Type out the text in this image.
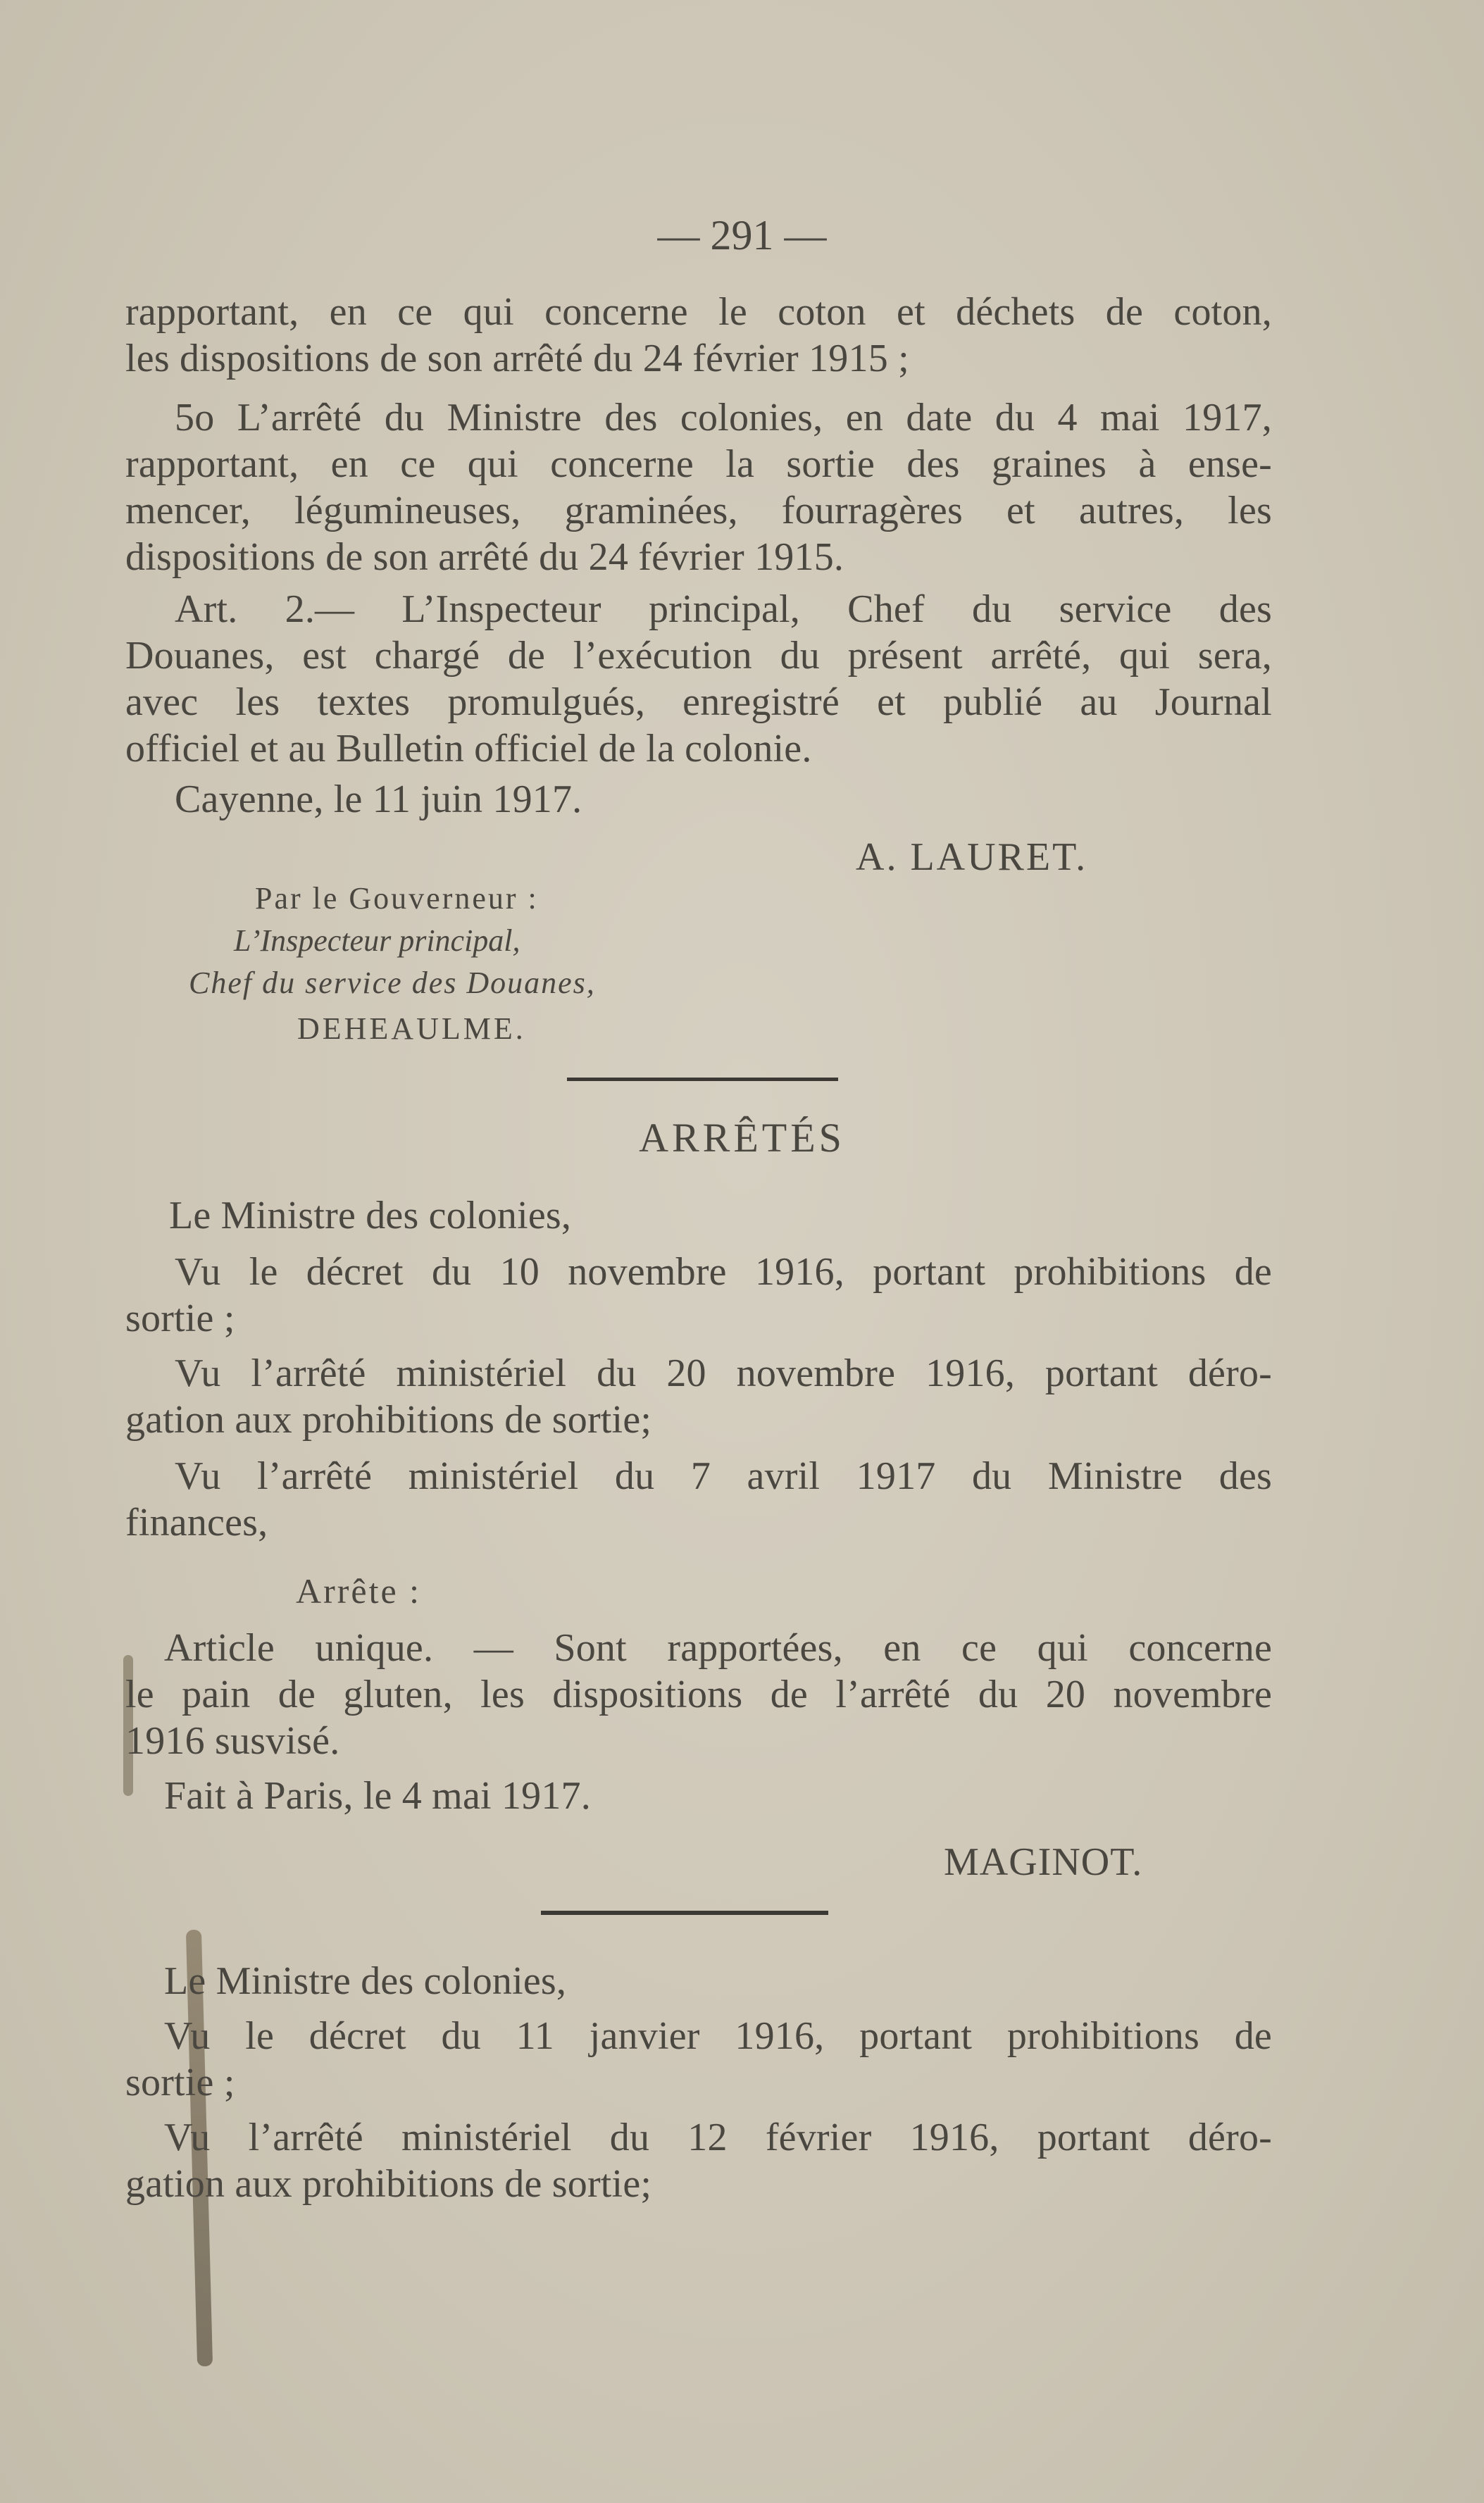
— 291 —
rapportant, en ce qui concerne le coton et déchets de coton,
les dispositions de son arrêté du 24 février 1915 ;
5o L’arrêté du Ministre des colonies, en date du 4 mai 1917,
rapportant, en ce qui concerne la sortie des graines à ense-
mencer, légumineuses, graminées, fourragères et autres, les
dispositions de son arrêté du 24 février 1915.
Art. 2.— L’Inspecteur principal, Chef du service des
Douanes, est chargé de l’exécution du présent arrêté, qui sera,
avec les textes promulgués, enregistré et publié au Journal
officiel et au Bulletin officiel de la colonie.
Cayenne, le 11 juin 1917.
A. LAURET.
Par le Gouverneur :
L’Inspecteur principal,
Chef du service des Douanes,
DEHEAULME.
ARRÊTÉS
Le Ministre des colonies,
Vu le décret du 10 novembre 1916, portant prohibitions de
sortie ;
Vu l’arrêté ministériel du 20 novembre 1916, portant déro-
gation aux prohibitions de sortie;
Vu l’arrêté ministériel du 7 avril 1917 du Ministre des
finances,
Arrête :
Article unique. — Sont rapportées, en ce qui concerne
le pain de gluten, les dispositions de l’arrêté du 20 novembre
1916 susvisé.
Fait à Paris, le 4 mai 1917.
MAGINOT.
Le Ministre des colonies,
Vu le décret du 11 janvier 1916, portant prohibitions de
sortie ;
Vu l’arrêté ministériel du 12 février 1916, portant déro-
gation aux prohibitions de sortie;
